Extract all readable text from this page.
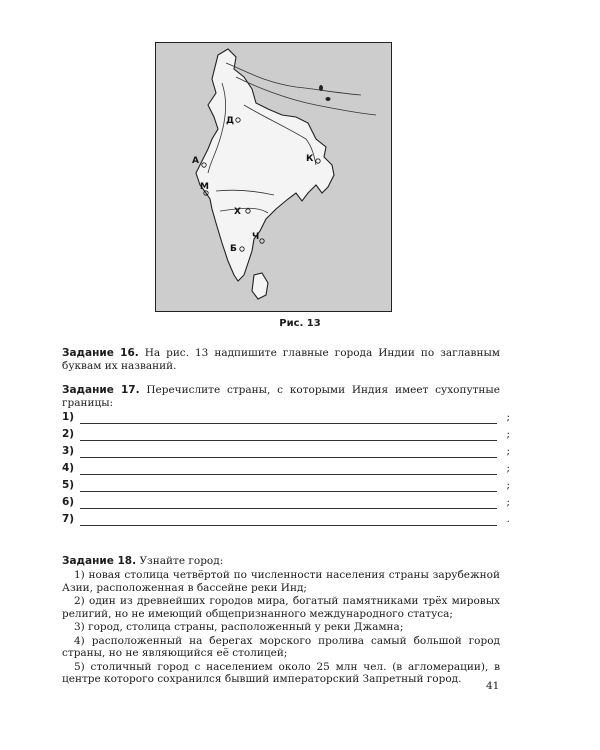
Д
А
М
К
Х
Б
Ч
Рис. 13
Задание 16. На рис. 13 надпишите главные города Индии по заглавным буквам их названий.
Задание 17. Перечислите страны, с которыми Индия имеет сухопутные границы:
1)	;
2)	;
3)	;
4)	;
5)	;
6)	;
7)	.
Задание 18. Узнайте город:

1) новая столица четвёртой по численности населения страны зарубежной Азии, расположенная в бассейне реки Инд;

2) один из древнейших городов мира, богатый памятниками трёх мировых религий, но не имеющий общепризнанного международного статуса;

3) город, столица страны, расположенный у реки Джамна;

4) расположенный на берегах морского пролива самый большой город страны, но не являющийся её столицей;

5) столичный город с населением около 25 млн чел. (в агломерации), в центре которого сохранился бывший императорский Запретный город.

41
